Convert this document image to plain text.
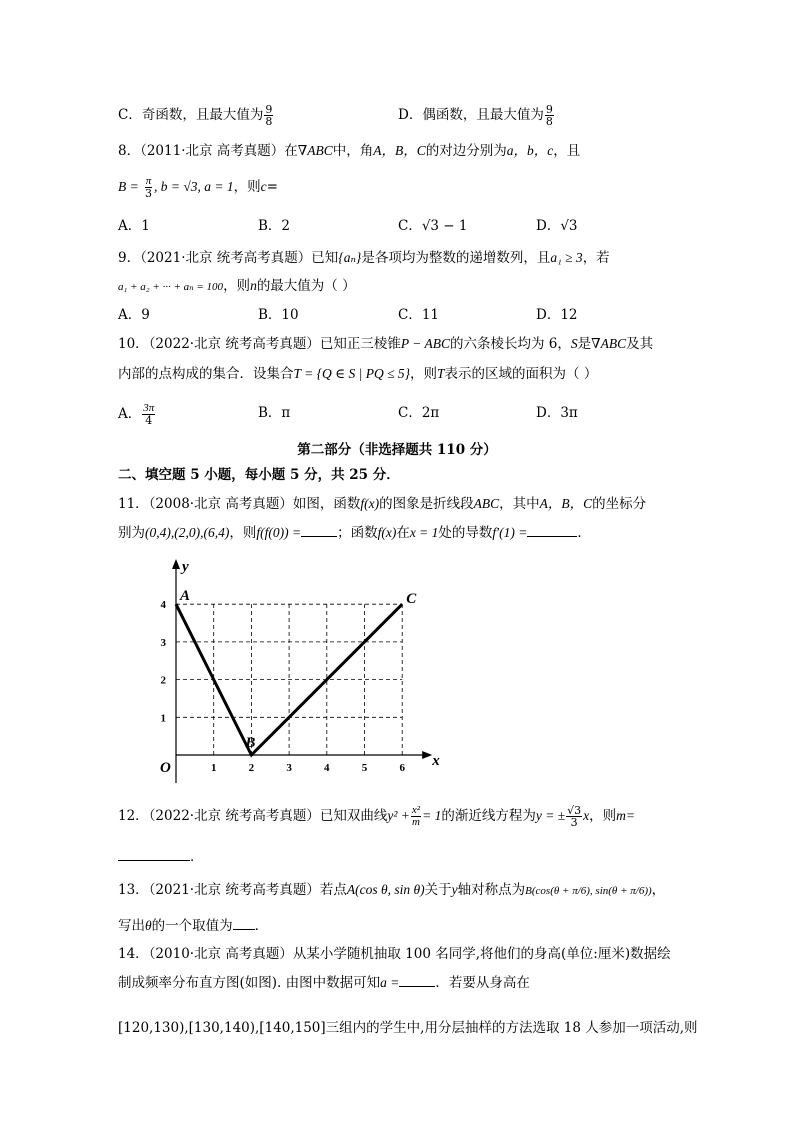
C．奇函数，且最大值为 $\frac{9}{8}$	D．偶函数，且最大值为 $\frac{9}{8}$
8．（2011·北京 高考真题）在∇ABC中，角A，B，C的对边分别为a，b，c，且
$B = \frac{\pi}{3}$ , b = √3, a = 1，则c=
A．1	B．2	C．√3 − 1	D．√3
9．（2021·北京 统考高考真题）已知{aₙ}是各项均为整数的递增数列，且a₁ ≥ 3，若
a₁ + a₂ + ··· + aₙ = 100，则n的最大值为（ ）
A．9	B．10	C．11	D．12
10．（2022·北京 统考高考真题）已知正三棱锥P − ABC的六条棱长均为 6，S是∇ABC及其
内部的点构成的集合．设集合T = {Q ∈ S | PQ ≤ 5}，则T表示的区域的面积为（ ）
A． $\frac{3\pi}{4}$	B．π	C．2π	D．3π
第二部分（非选择题共 110 分）
二、填空题 5 小题，每小题 5 分，共 25 分．
11．（2008·北京 高考真题）如图，函数f(x)的图象是折线段ABC，其中A，B，C的坐标分
别为(0,4),(2,0),(6,4)，则f(f(0)) =	；函数f(x)在x = 1处的导数f′(1) =	．
1	2	3	4	5	6
1
2
3
4
y
x
O
A
B
C
12．（2022·北京 统考高考真题）已知双曲线$y^2 + \frac{\text{x²}}{m} = 1$的渐近线方程为y = ± $\frac{√3}{3}$ x，则m=
．
13．（2021·北京 统考高考真题）若点A(cos θ, sin θ)关于y轴对称点为B(cos(θ + π/6), sin(θ + π/6))，
写出θ的一个取值为 ．
14．（2010·北京 高考真题）从某小学随机抽取 100 名同学,将他们的身高(单位:厘米)数据绘
制成频率分布直方图(如图). 由图中数据可知a =	．若要从身高在
[120,130),[130,140),[140,150]三组内的学生中,用分层抽样的方法选取 18 人参加一项活动,则
